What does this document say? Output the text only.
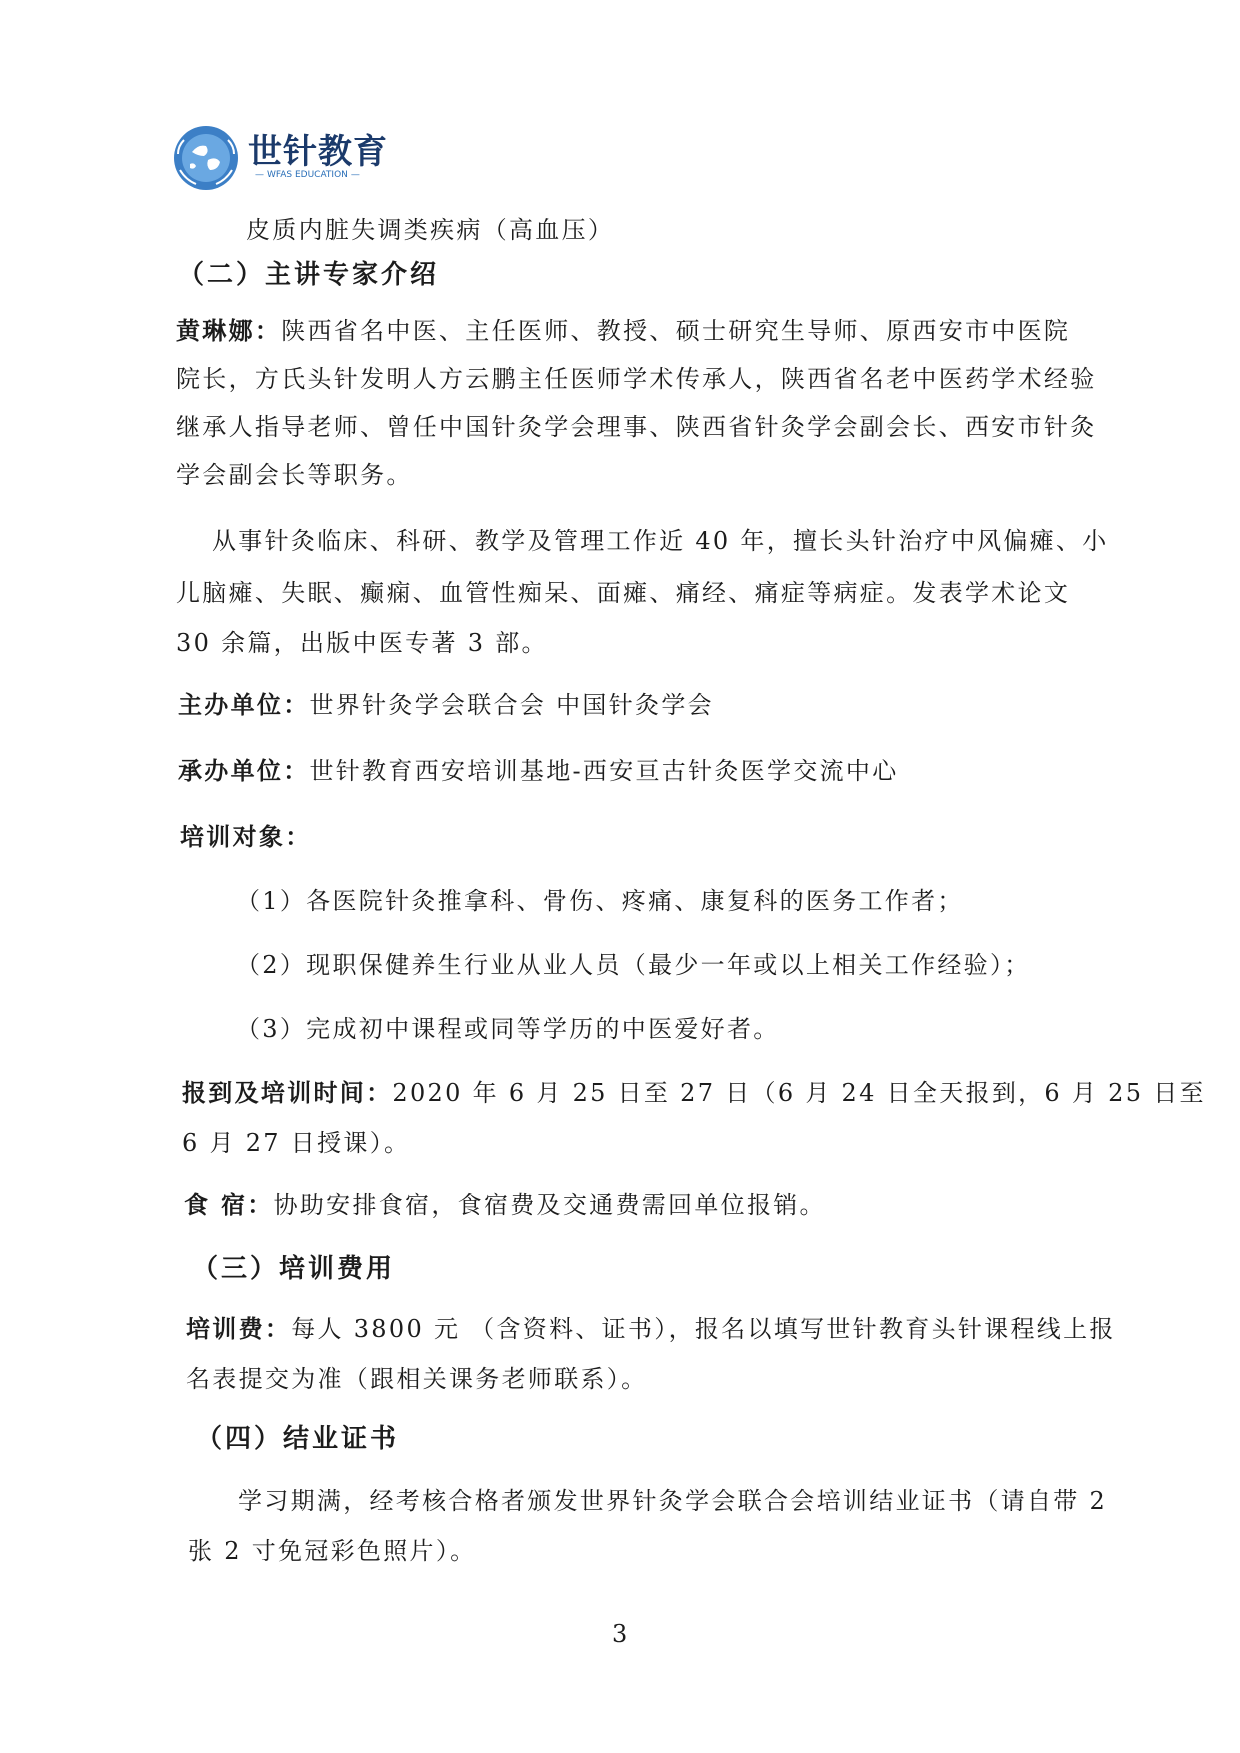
世针教育
— WFAS EDUCATION —
皮质内脏失调类疾病（高血压）
（二）主讲专家介绍
黄琳娜：陕西省名中医、主任医师、教授、硕士研究生导师、原西安市中医院
院长，方氏头针发明人方云鹏主任医师学术传承人，陕西省名老中医药学术经验
继承人指导老师、曾任中国针灸学会理事、陕西省针灸学会副会长、西安市针灸
学会副会长等职务。
从事针灸临床、科研、教学及管理工作近 40 年，擅长头针治疗中风偏瘫、小
儿脑瘫、失眠、癫痫、血管性痴呆、面瘫、痛经、痛症等病症。发表学术论文
30 余篇，出版中医专著 3 部。
主办单位：世界针灸学会联合会 中国针灸学会
承办单位：世针教育西安培训基地-西安亘古针灸医学交流中心
培训对象：
（1）各医院针灸推拿科、骨伤、疼痛、康复科的医务工作者；
（2）现职保健养生行业从业人员（最少一年或以上相关工作经验）；
（3）完成初中课程或同等学历的中医爱好者。
报到及培训时间：2020 年 6 月 25 日至 27 日（6 月 24 日全天报到，6 月 25 日至
6 月 27 日授课）。
食 宿：协助安排食宿，食宿费及交通费需回单位报销。
（三）培训费用
培训费：每人 3800 元 （含资料、证书），报名以填写世针教育头针课程线上报
名表提交为准（跟相关课务老师联系）。
（四）结业证书
学习期满，经考核合格者颁发世界针灸学会联合会培训结业证书（请自带 2
张 2 寸免冠彩色照片）。
3
